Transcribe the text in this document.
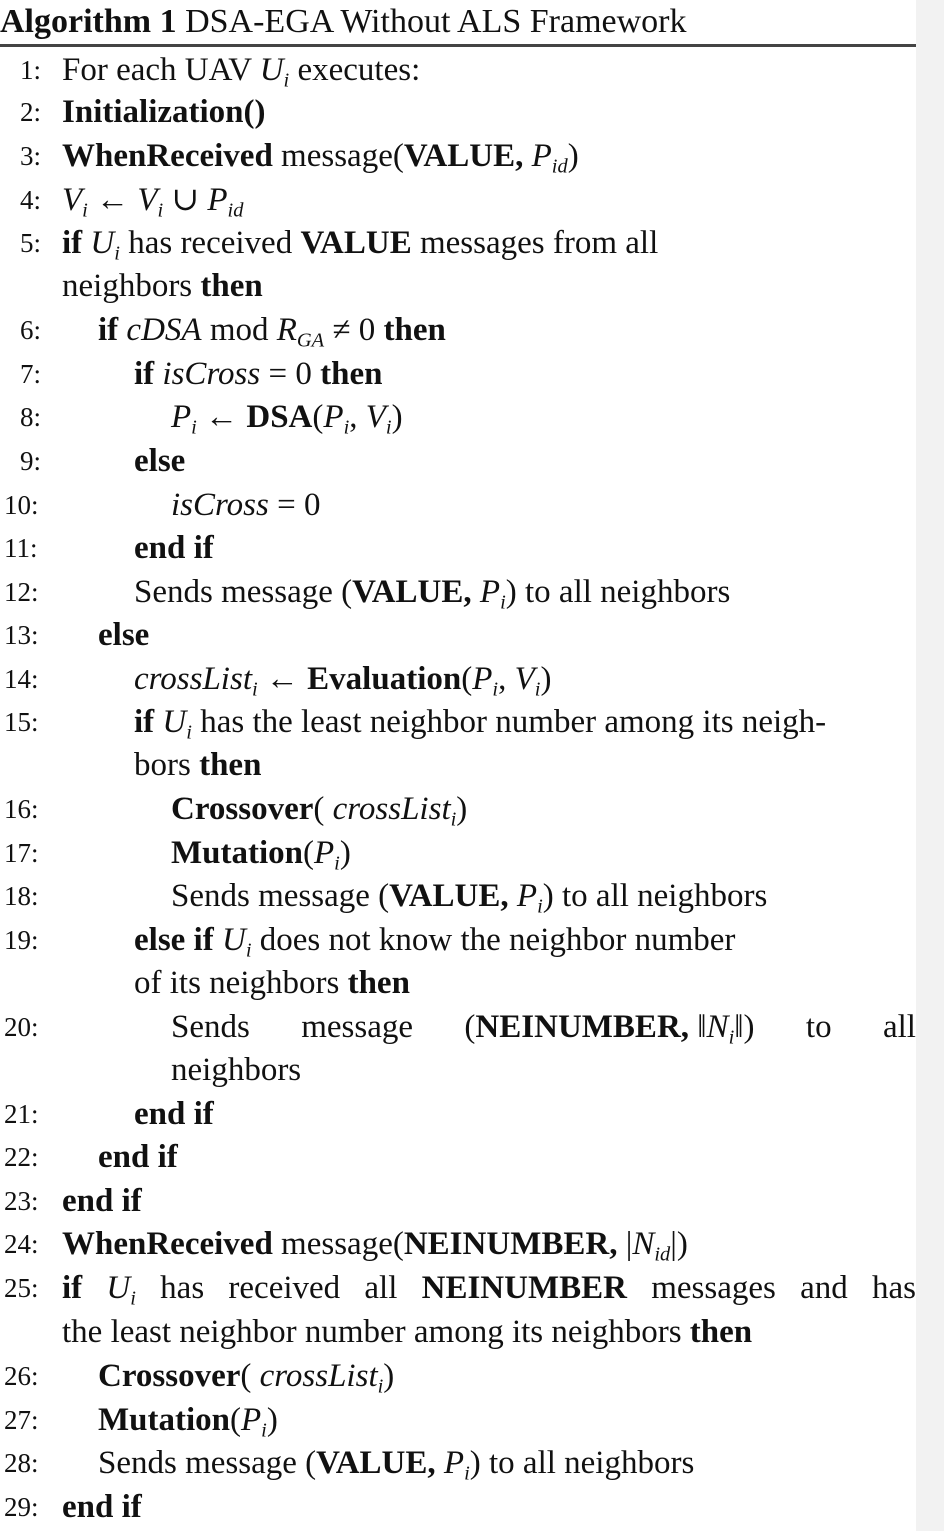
Algorithm 1 DSA-EGA Without ALS Framework
1: For each UAV $U_i$ executes:
2: Initialization()
3: WhenReceived message(VALUE, $P_{id}$)
4: $V_i$ ← $V_i$ ∪ $P_{id}$
5: if $U_i$ has received VALUE messages from all
neighbors then
6: if cDSA mod $R_{GA} \ne 0$ then
7:	if isCross = 0 then
8:	$P_i$ ← $DSA(P_i$, $V_i$)
9:	else
10:	isCross = 0
11:	end if
12:	Sends message (VALUE, $P_i$) to all neighbors
13: else
14:	crossList$_i$ ← $Evaluation(P_i$, $V_i$)
15:	if $U_i$ has the least neighbor number among its neigh-
bors then
16:	Crossover( crossList$_i$)
17:	$Mutation(P_i)$
18:	Sends message (VALUE, $P_i$) to all neighbors
19:	else if $U_i$ does not know the neighbor number
of its neighbors then
20:	Sends message (NEINUMBER, $‖N_i‖$) to all
neighbors
21:	end if
22: end if
23: end if
24: WhenReceived message(NEINUMBER, $|N_{id}|$)
25: if $U_i$ has received all NEINUMBER messages and has
the least neighbor number among its neighbors then
26: Crossover( crossList$_i$)
27: $Mutation(P_i)$
28: Sends message (VALUE, $P_i$) to all neighbors
29: end if
